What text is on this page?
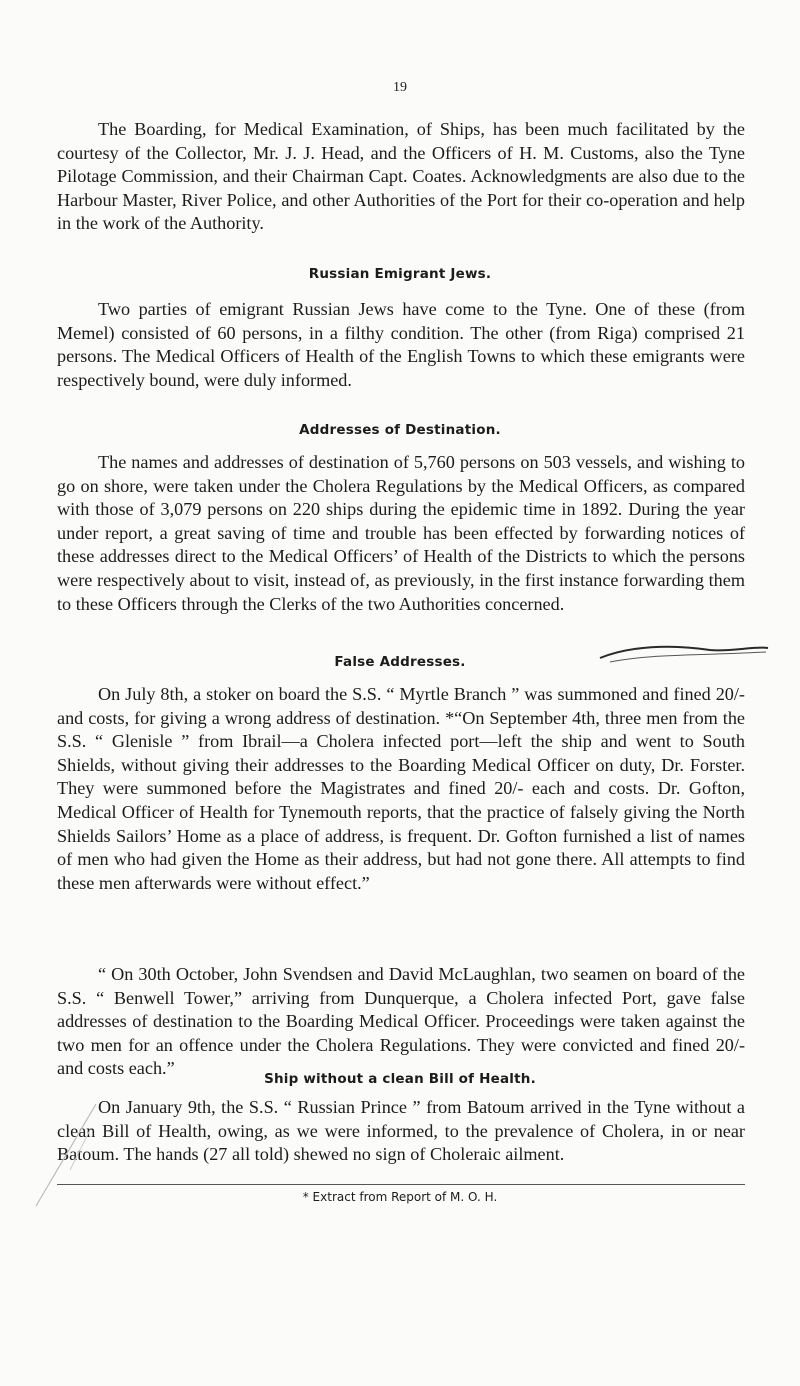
19

The Boarding, for Medical Examination, of Ships, has been much facilitated by the courtesy of the Collector, Mr. J. J. Head, and the Officers of H. M. Customs, also the Tyne Pilotage Commission, and their Chairman Capt. Coates. Acknowledgments are also due to the Harbour Master, River Police, and other Authorities of the Port for their co-operation and help in the work of the Authority.

Russian Emigrant Jews.

Two parties of emigrant Russian Jews have come to the Tyne. One of these (from Memel) consisted of 60 persons, in a filthy condition. The other (from Riga) comprised 21 persons. The Medical Officers of Health of the English Towns to which these emigrants were respectively bound, were duly informed.

Addresses of Destination.

The names and addresses of destination of 5,760 persons on 503 vessels, and wishing to go on shore, were taken under the Cholera Regulations by the Medical Officers, as compared with those of 3,079 persons on 220 ships during the epidemic time in 1892. During the year under report, a great saving of time and trouble has been effected by forwarding notices of these addresses direct to the Medical Officers’ of Health of the Districts to which the persons were respectively about to visit, instead of, as previously, in the first instance forwarding them to these Officers through the Clerks of the two Authorities concerned.

False Addresses.

On July 8th, a stoker on board the S.S. “ Myrtle Branch ” was summoned and fined 20/- and costs, for giving a wrong address of destination. *“On September 4th, three men from the S.S. “ Glenisle ” from Ibrail—a Cholera infected port—left the ship and went to South Shields, without giving their addresses to the Boarding Medical Officer on duty, Dr. Forster. They were summoned before the Magistrates and fined 20/- each and costs. Dr. Gofton, Medical Officer of Health for Tynemouth reports, that the practice of falsely giving the North Shields Sailors’ Home as a place of address, is frequent. Dr. Gofton furnished a list of names of men who had given the Home as their address, but had not gone there. All attempts to find these men afterwards were without effect.”

“ On 30th October, John Svendsen and David McLaughlan, two seamen on board of the S.S. “ Benwell Tower,” arriving from Dunquerque, a Cholera infected Port, gave false addresses of destination to the Boarding Medical Officer. Proceedings were taken against the two men for an offence under the Cholera Regulations. They were convicted and fined 20/- and costs each.”

Ship without a clean Bill of Health.

On January 9th, the S.S. “ Russian Prince ” from Batoum arrived in the Tyne without a clean Bill of Health, owing, as we were informed, to the prevalence of Cholera, in or near Batoum. The hands (27 all told) shewed no sign of Choleraic ailment.

* Extract from Report of M. O. H.
